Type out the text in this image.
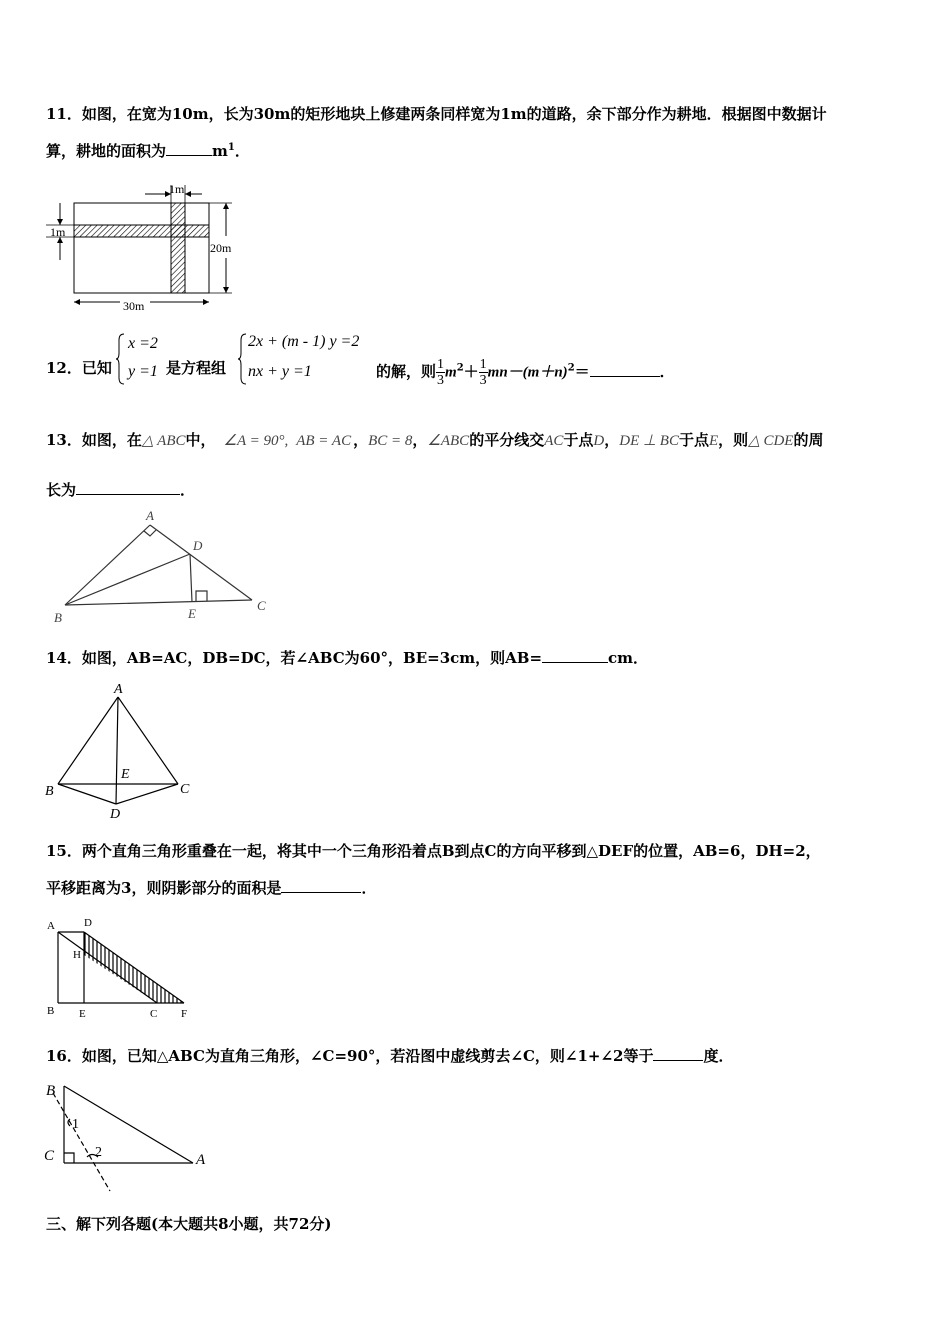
11．如图，在宽为10m，长为30m的矩形地块上修建两条同样宽为1m的道路，余下部分作为耕地．根据图中数据计
算，耕地的面积为	$m^1$．
1m
1m
20m
30m
12．已知
x =2
y =1 是方程组
2x + (m - 1) y =2
nx + y =1	的解，则 $\frac{1}{3} m^2+ \frac{1}{3} mn-(m+n)^2=$	．
13．如图，在△ ABC中， ∠A = 90°, AB = AC ，BC = 8，∠ABC的平分线交AC于点D，DE ⊥ BC于点E，则△ CDE的周
长为	．
A
B
C
D
E
14．如图，AB=AC，DB=DC，若∠ABC为60°，BE=3cm，则AB=	cm．
A
B	C
D
E
15．两个直角三角形重叠在一起，将其中一个三角形沿着点B到点C的方向平移到△DEF的位置，AB=6，DH=2，
平移距离为3，则阴影部分的面积是	．
A	D
H
B E	C F
16．如图，已知△ABC为直角三角形，∠C=90°，若沿图中虚线剪去∠C，则∠1+∠2等于	度．
B
C	A
1
2
三、解下列各题(本大题共8小题，共72分)
